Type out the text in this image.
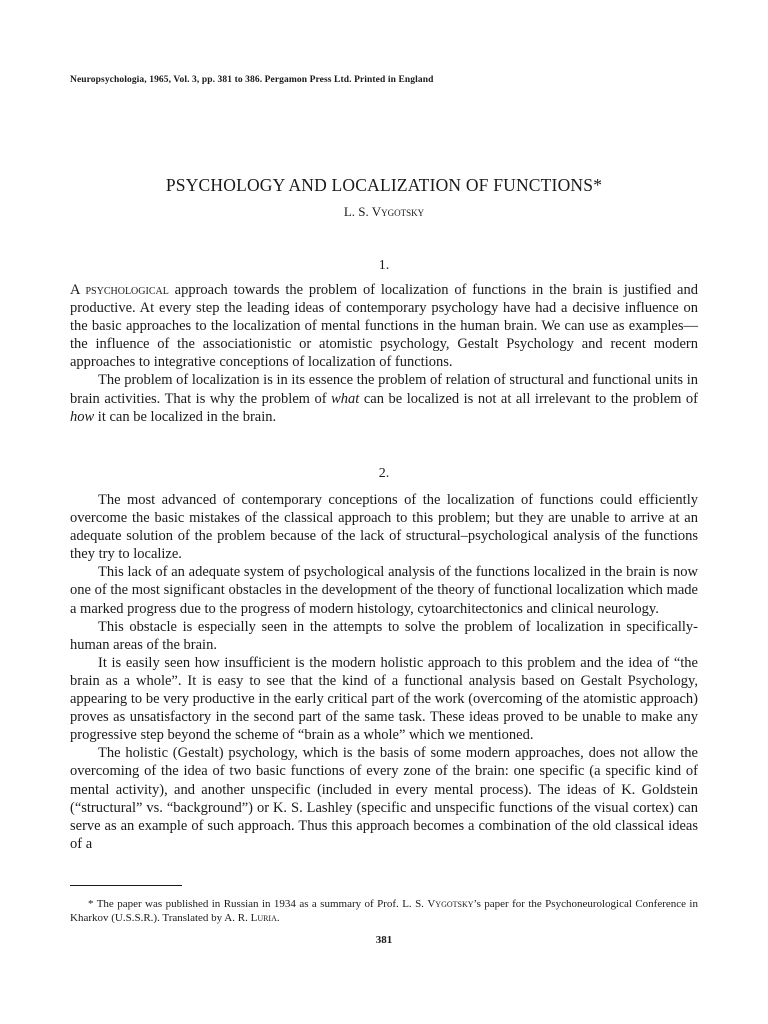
Neuropsychologia, 1965, Vol. 3, pp. 381 to 386. Pergamon Press Ltd. Printed in England
PSYCHOLOGY AND LOCALIZATION OF FUNCTIONS*
L. S. Vygotsky
1.

A psychological approach towards the problem of localization of functions in the brain is justified and productive. At every step the leading ideas of contemporary psychology have had a decisive influence on the basic approaches to the localization of mental functions in the human brain. We can use as examples—the influence of the associationistic or atomistic psychology, Gestalt Psychology and recent modern approaches to integrative conceptions of localization of functions.

The problem of localization is in its essence the problem of relation of structural and functional units in brain activities. That is why the problem of what can be localized is not at all irrelevant to the problem of how it can be localized in the brain.

2.

The most advanced of contemporary conceptions of the localization of functions could efficiently overcome the basic mistakes of the classical approach to this problem; but they are unable to arrive at an adequate solution of the problem because of the lack of structural–psychological analysis of the functions they try to localize.

This lack of an adequate system of psychological analysis of the functions localized in the brain is now one of the most significant obstacles in the development of the theory of functional localization which made a marked progress due to the progress of modern histology, cytoarchitectonics and clinical neurology.

This obstacle is especially seen in the attempts to solve the problem of localization in specifically-human areas of the brain.

It is easily seen how insufficient is the modern holistic approach to this problem and the idea of “the brain as a whole”. It is easy to see that the kind of a functional analysis based on Gestalt Psychology, appearing to be very productive in the early critical part of the work (overcoming of the atomistic approach) proves as unsatisfactory in the second part of the same task. These ideas proved to be unable to make any progressive step beyond the scheme of “brain as a whole” which we mentioned.

The holistic (Gestalt) psychology, which is the basis of some modern approaches, does not allow the overcoming of the idea of two basic functions of every zone of the brain: one specific (a specific kind of mental activity), and another unspecific (included in every mental process). The ideas of K. Goldstein (“structural” vs. “background”) or K. S. Lashley (specific and unspecific functions of the visual cortex) can serve as an example of such approach. Thus this approach becomes a combination of the old classical ideas of a

* The paper was published in Russian in 1934 as a summary of Prof. L. S. Vygotsky’s paper for the Psychoneurological Conference in Kharkov (U.S.S.R.). Translated by A. R. Luria.

381
